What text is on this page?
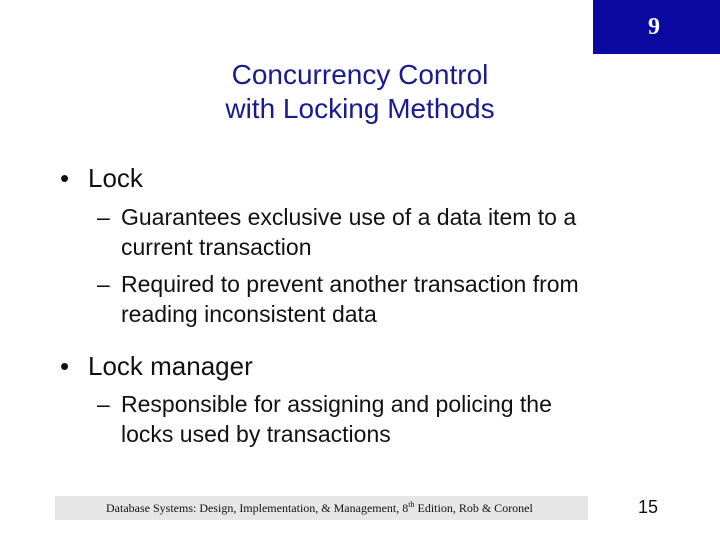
9
Concurrency Control
with Locking Methods
• Lock
– Guarantees exclusive use of a data item to a
current transaction
– Required to prevent another transaction from
reading inconsistent data
• Lock manager
– Responsible for assigning and policing the
locks used by transactions
Database Systems: Design, Implementation, & Management, 8th Edition, Rob & Coronel	15
